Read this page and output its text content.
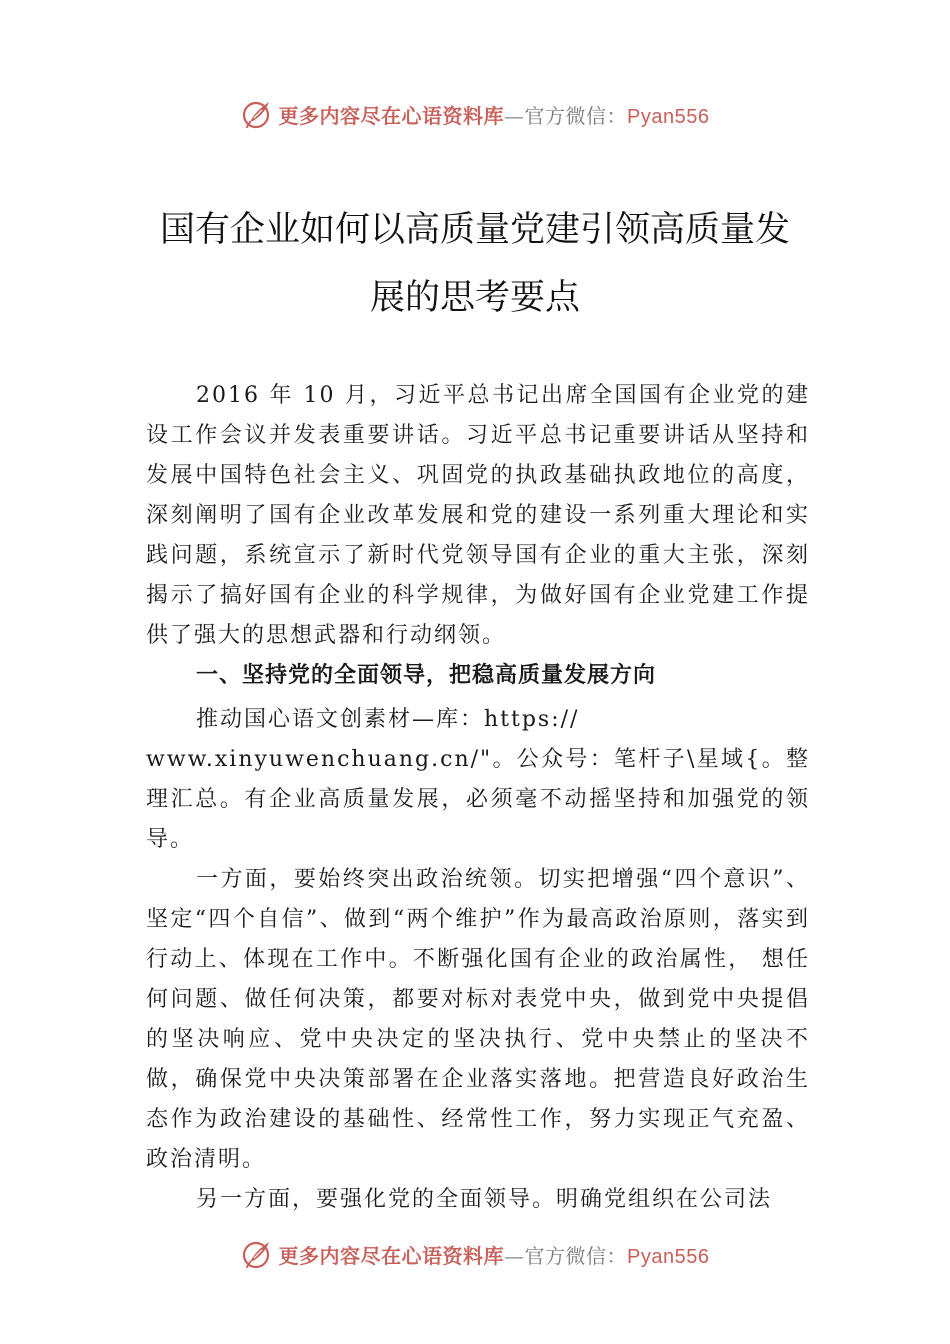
更多内容尽在心语资料库—官方微信：Pyan556
国有企业如何以高质量党建引领高质量发
展的思考要点

2016 年 10 月，习近平总书记出席全国国有企业党的建设工作会议并发表重要讲话。习近平总书记重要讲话从坚持和发展中国特色社会主义、巩固党的执政基础执政地位的高度，深刻阐明了国有企业改革发展和党的建设一系列重大理论和实践问题，系统宣示了新时代党领导国有企业的重大主张，深刻揭示了搞好国有企业的科学规律，为做好国有企业党建工作提供了强大的思想武器和行动纲领。

一、坚持党的全面领导，把稳高质量发展方向

推动国心语文创素材—库：https://
www.xinyuwenchuang.cn/"。公众号：笔杆子\星域{。整理汇总。有企业高质量发展，必须毫不动摇坚持和加强党的领导。

一方面，要始终突出政治统领。切实把增强“四个意识”、坚定“四个自信”、做到“两个维护”作为最高政治原则，落实到行动上、体现在工作中。不断强化国有企业的政治属性， 想任何问题、做任何决策，都要对标对表党中央，做到党中央提倡的坚决响应、党中央决定的坚决执行、党中央禁止的坚决不做，确保党中央决策部署在企业落实落地。把营造良好政治生态作为政治建设的基础性、经常性工作，努力实现正气充盈、政治清明。

另一方面，要强化党的全面领导。明确党组织在公司法

更多内容尽在心语资料库—官方微信：Pyan556
